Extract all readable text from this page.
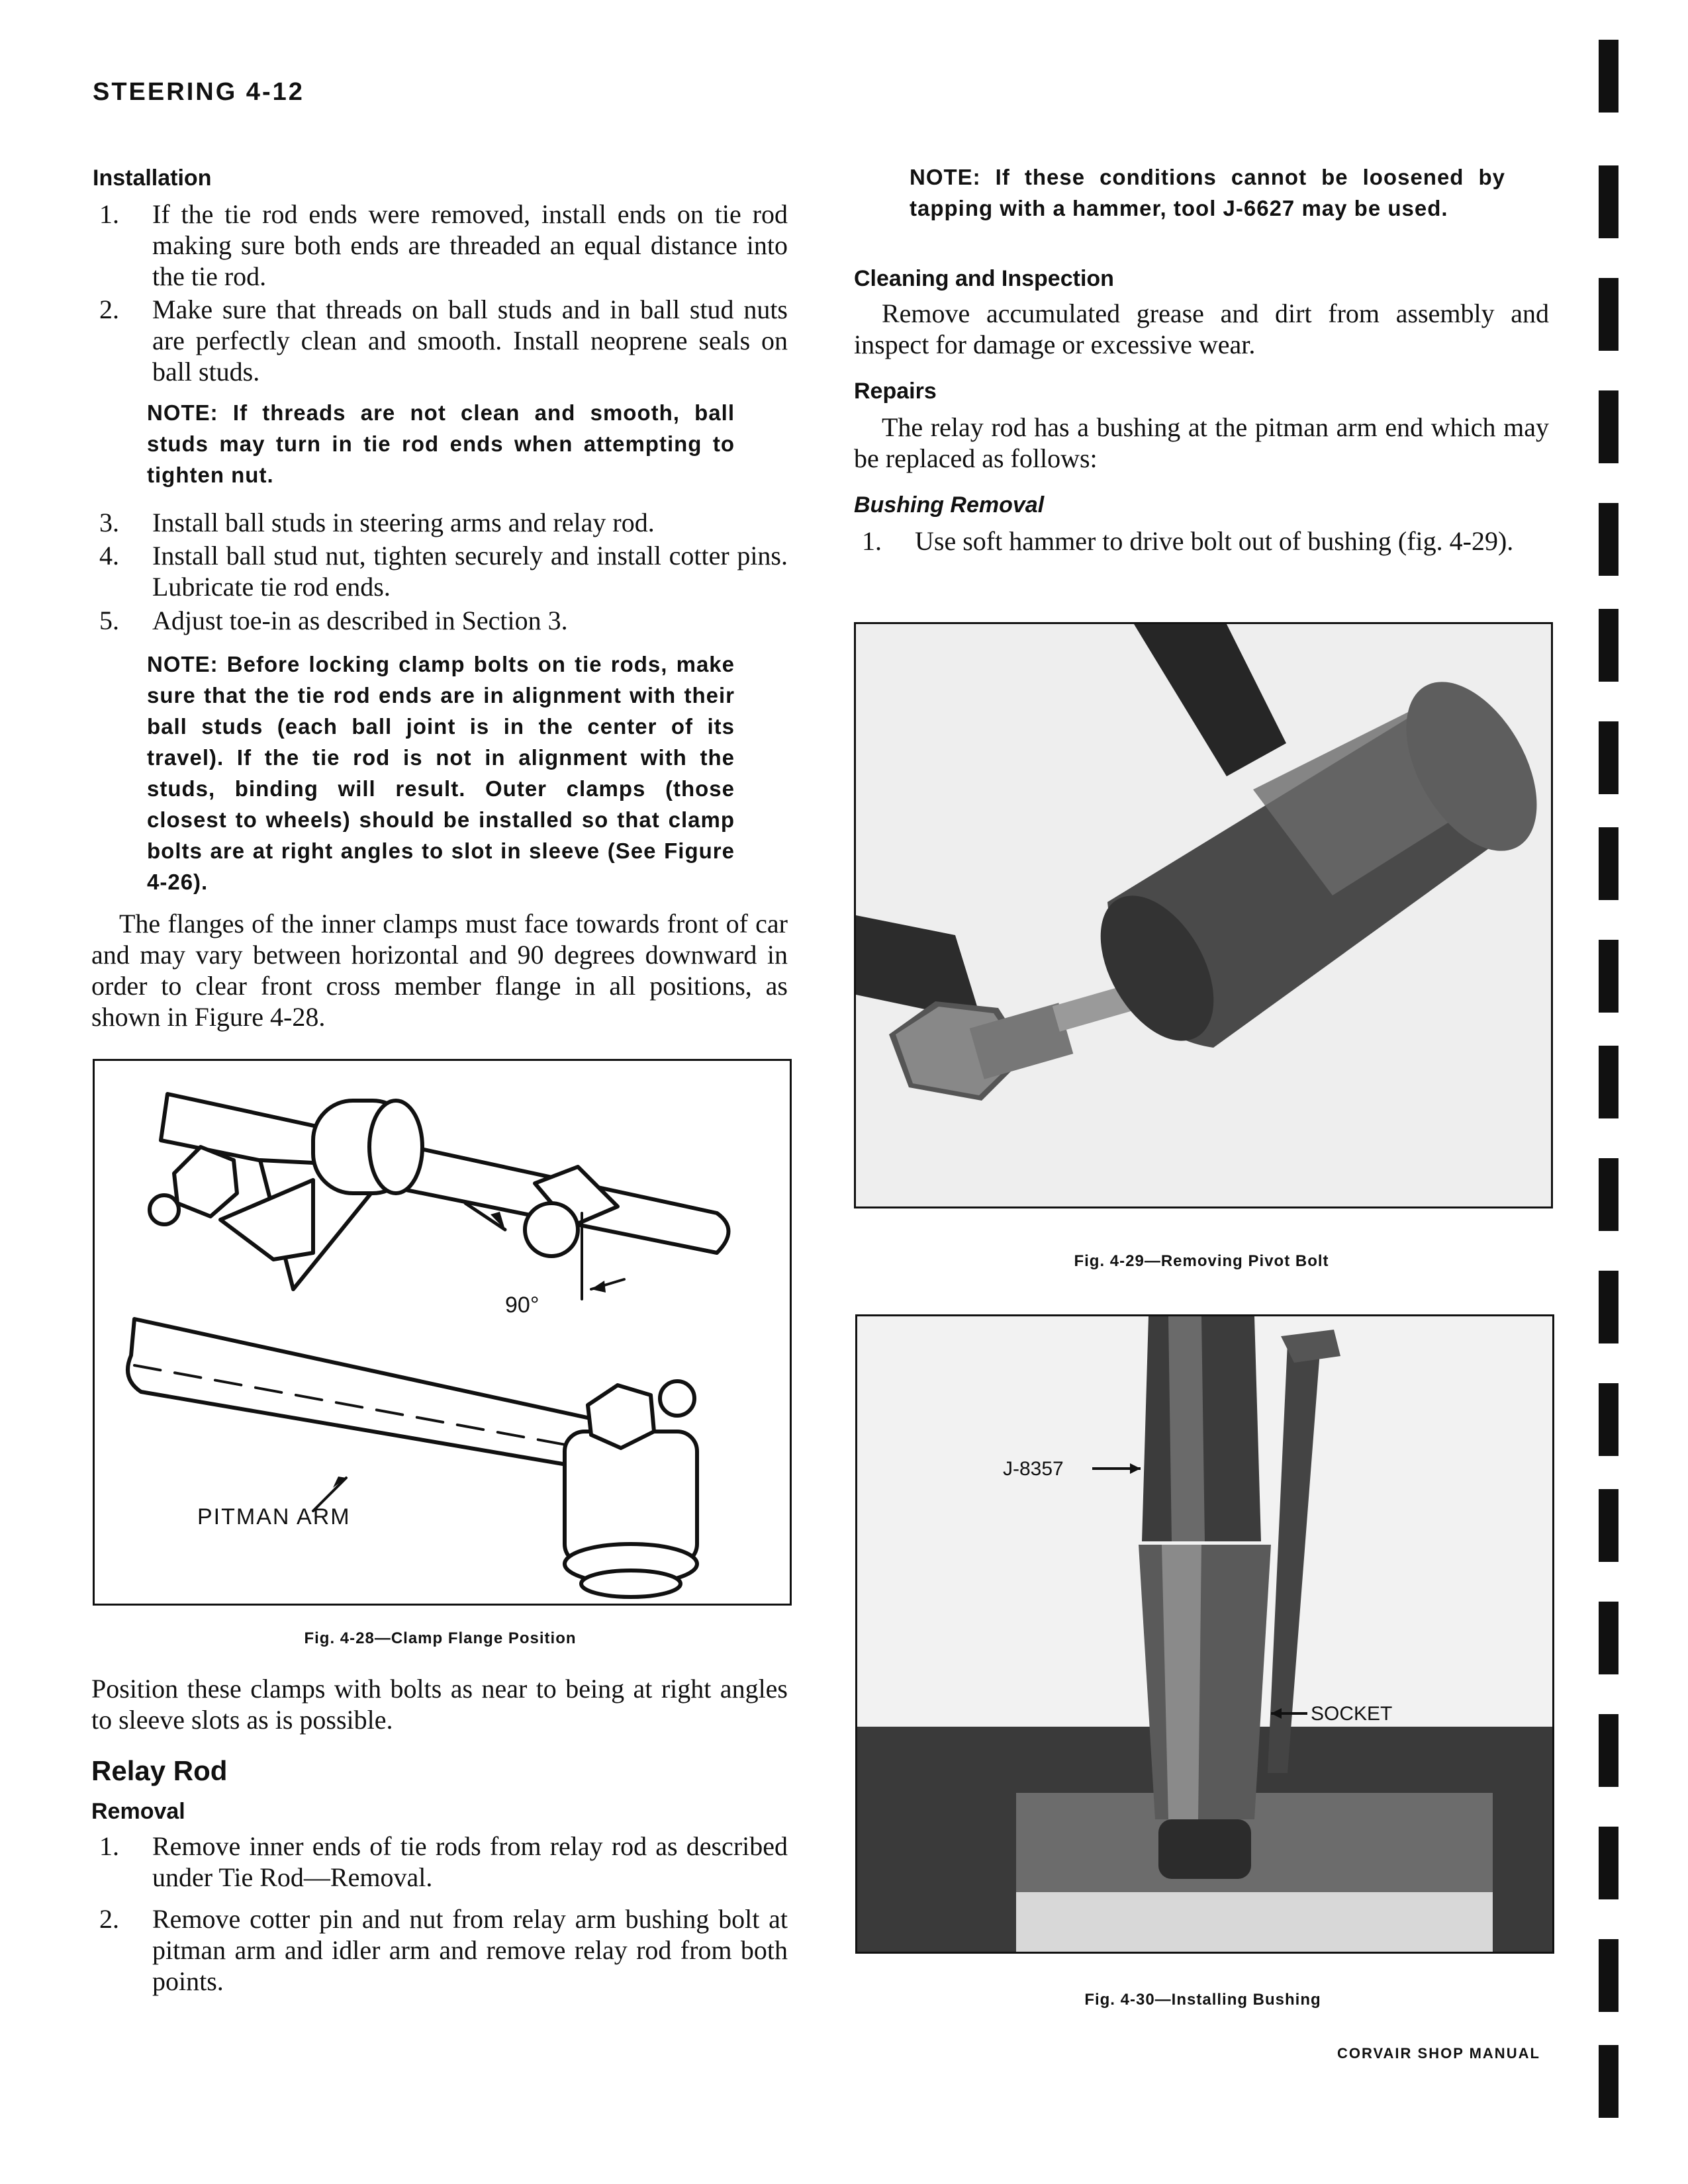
STEERING 4-12
Installation
1. If the tie rod ends were removed, install ends on tie rod making sure both ends are threaded an equal distance into the tie rod.
2. Make sure that threads on ball studs and in ball stud nuts are perfectly clean and smooth. Install neoprene seals on ball studs.
NOTE: If threads are not clean and smooth, ball studs may turn in tie rod ends when attempting to tighten nut.
3. Install ball studs in steering arms and relay rod.
4. Install ball stud nut, tighten securely and install cotter pins. Lubricate tie rod ends.
5. Adjust toe-in as described in Section 3.
NOTE: Before locking clamp bolts on tie rods, make sure that the tie rod ends are in alignment with their ball studs (each ball joint is in the center of its travel). If the tie rod is not in alignment with the studs, binding will result. Outer clamps (those closest to wheels) should be installed so that clamp bolts are at right angles to slot in sleeve (See Figure 4-26).
The flanges of the inner clamps must face towards front of car and may vary between horizontal and 90 degrees downward in order to clear front cross member flange in all positions, as shown in Figure 4-28.
90°
PITMAN ARM
Fig. 4-28—Clamp Flange Position
Position these clamps with bolts as near to being at right angles to sleeve slots as is possible.
Relay Rod
Removal
1. Remove inner ends of tie rods from relay rod as described under Tie Rod—Removal.
2. Remove cotter pin and nut from relay arm bushing bolt at pitman arm and idler arm and remove relay rod from both points.
NOTE: If these conditions cannot be loosened by tapping with a hammer, tool J-6627 may be used.
Cleaning and Inspection
Remove accumulated grease and dirt from assembly and inspect for damage or excessive wear.
Repairs
The relay rod has a bushing at the pitman arm end which may be replaced as follows:
Bushing Removal
1. Use soft hammer to drive bolt out of bushing (fig. 4-29).
Fig. 4-29—Removing Pivot Bolt
J-8357
SOCKET
Fig. 4-30—Installing Bushing
CORVAIR SHOP MANUAL
